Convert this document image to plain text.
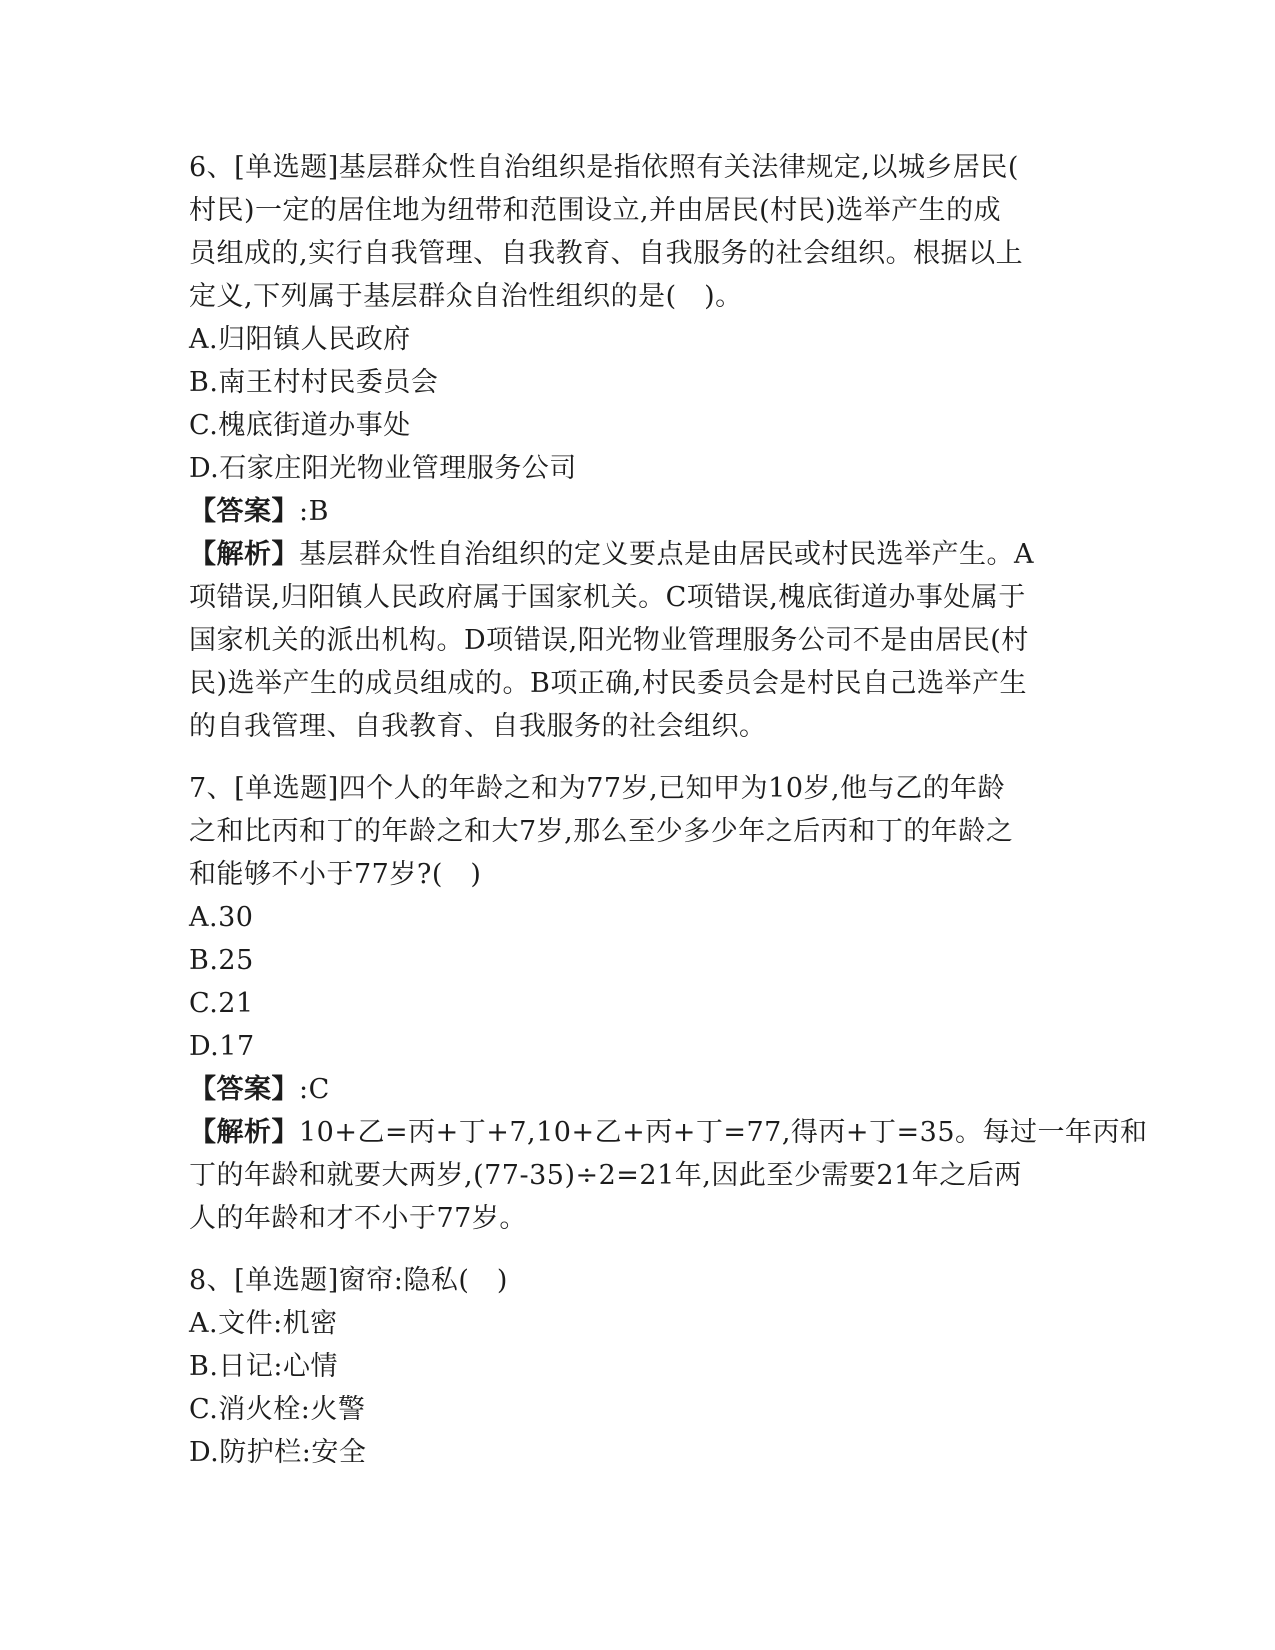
6、[单选题]基层群众性自治组织是指依照有关法律规定,以城乡居民(
村民)一定的居住地为纽带和范围设立,并由居民(村民)选举产生的成
员组成的,实行自我管理、自我教育、自我服务的社会组织。根据以上
定义,下列属于基层群众自治性组织的是(　)。
A.归阳镇人民政府
B.南王村村民委员会
C.槐底街道办事处
D.石家庄阳光物业管理服务公司
【答案】:B
【解析】基层群众性自治组织的定义要点是由居民或村民选举产生。A
项错误,归阳镇人民政府属于国家机关。C项错误,槐底街道办事处属于
国家机关的派出机构。D项错误,阳光物业管理服务公司不是由居民(村
民)选举产生的成员组成的。B项正确,村民委员会是村民自己选举产生
的自我管理、自我教育、自我服务的社会组织。
7、[单选题]四个人的年龄之和为77岁,已知甲为10岁,他与乙的年龄
之和比丙和丁的年龄之和大7岁,那么至少多少年之后丙和丁的年龄之
和能够不小于77岁?(　)
A.30
B.25
C.21
D.17
【答案】:C
【解析】10+乙=丙+丁+7,10+乙+丙+丁=77,得丙+丁=35。每过一年丙和
丁的年龄和就要大两岁,(77-35)÷2=21年,因此至少需要21年之后两
人的年龄和才不小于77岁。
8、[单选题]窗帘:隐私(　)
A.文件:机密
B.日记:心情
C.消火栓:火警
D.防护栏:安全
